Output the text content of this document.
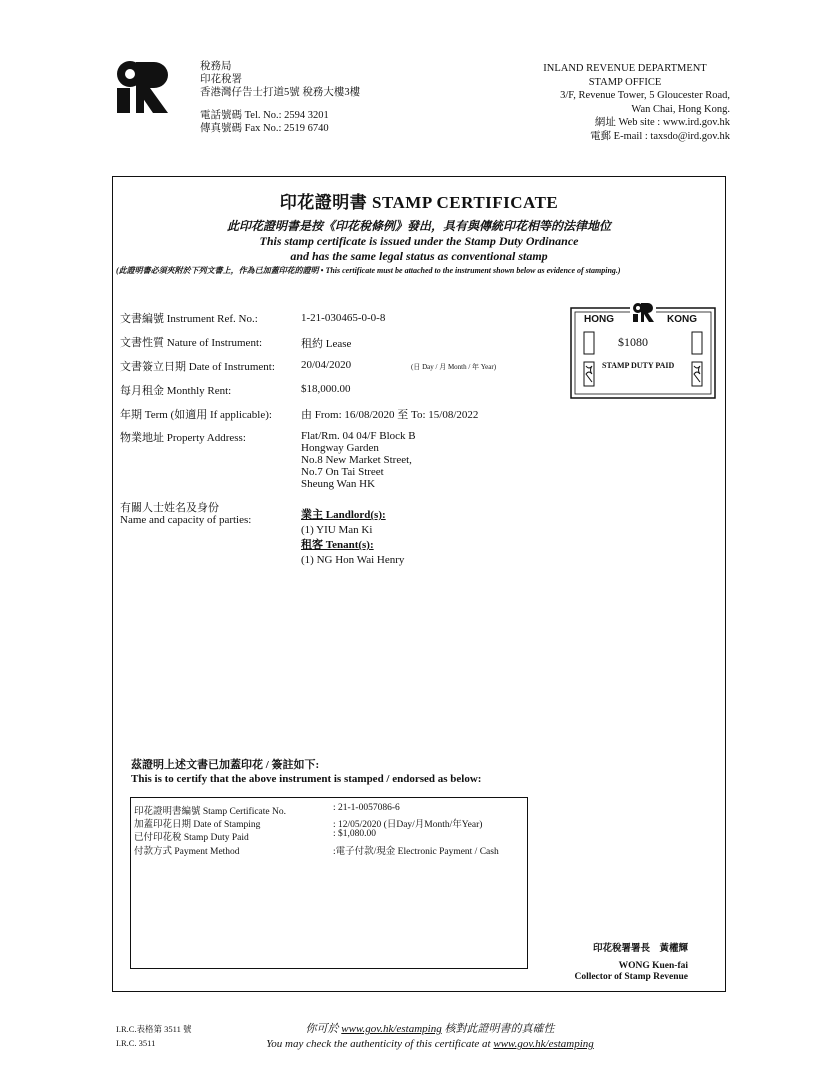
稅務局
印花稅署
香港灣仔告士打道5號 稅務大樓3樓
電話號碼 Tel. No.: 2594 3201
傳真號碼 Fax No.: 2519 6740
INLAND REVENUE DEPARTMENT
STAMP OFFICE
3/F, Revenue Tower, 5 Gloucester Road,
Wan Chai, Hong Kong.
網址 Web site : www.ird.gov.hk
電郵 E-mail : taxsdo@ird.gov.hk
印花證明書 STAMP CERTIFICATE
此印花證明書是按《印花稅條例》發出，具有與傳統印花相等的法律地位
This stamp certificate is issued under the Stamp Duty Ordinance
and has the same legal status as conventional stamp
(此證明書必須夾附於下列文書上，作為已加蓋印花的證明 • This certificate must be attached to the instrument shown below as evidence of stamping.)
文書編號 Instrument Ref. No.:	1-21-030465-0-0-8
文書性質 Nature of Instrument:	租約 Lease
文書簽立日期 Date of Instrument: 20/04/2020	(日 Day / 月 Month / 年 Year)
每月租金 Monthly Rent:	$18,000.00
年期 Term (如適用 If applicable):	由 From: 16/08/2020 至 To: 15/08/2022
物業地址 Property Address:	Flat/Rm. 04 04/F Block B
Hongway Garden
No.8 New Market Street,
No.7 On Tai Street
Sheung Wan HK
有關人士姓名及身份
Name and capacity of parties:	業主 Landlord(s):
(1) YIU Man Ki
租客 Tenant(s):
(1) NG Hon Wai Henry
HONG	KONG
$1080
STAMP DUTY PAID
茲證明上述文書已加蓋印花 / 簽註如下:
This is to certify that the above instrument is stamped / endorsed as below:
印花證明書編號 Stamp Certificate No.	: 21-1-0057086-6
加蓋印花日期 Date of Stamping	: 12/05/2020 (日Day/月Month/年Year)
已付印花稅 Stamp Duty Paid	: $1,080.00
付款方式 Payment Method	:電子付款/現金 Electronic Payment / Cash
印花稅署署長　黃權輝
WONG Kuen-fai
Collector of Stamp Revenue
I.R.C.表格第 3511 號
I.R.C. 3511
你可於 www.gov.hk/estamping 核對此證明書的真確性
You may check the authenticity of this certificate at www.gov.hk/estamping
